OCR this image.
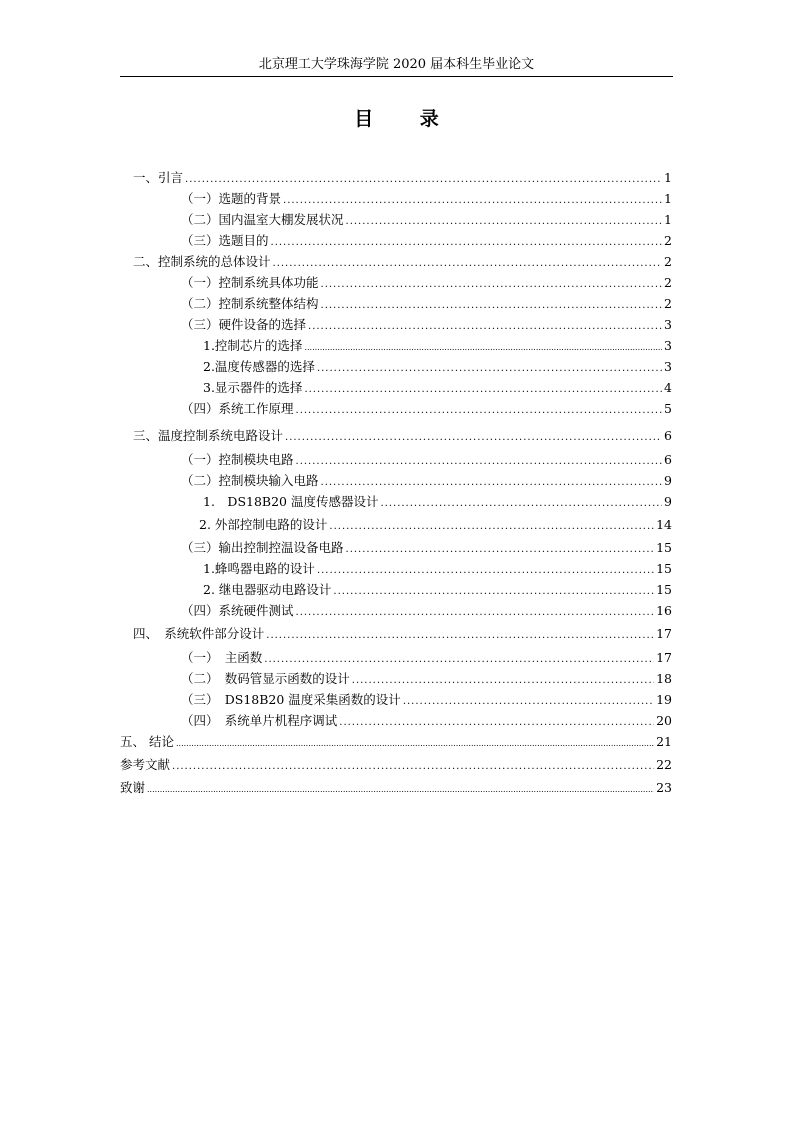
北京理工大学珠海学院 2020 届本科生毕业论文
目 录
一、引言 .....	1
（一）选题的背景 .....	1
（二）国内温室大棚发展状况 .....	1
（三）选题目的 .....	2
二、控制系统的总体设计 .....	2
（一）控制系统具体功能 .....	2
（二）控制系统整体结构 .....	2
（三）硬件设备的选择 .....	3
1.控制芯片的选择 .....	3
2.温度传感器的选择 .....	3
3.显示器件的选择 .....	4
（四）系统工作原理 .....	5
三、温度控制系统电路设计 .....	6
（一）控制模块电路 .....	6
（二）控制模块输入电路 .....	9
1.　DS18B20 温度传感器设计 .....	9
2. 外部控制电路的设计 .....	14
（三）输出控制控温设备电路 .....	15
1.蜂鸣器电路的设计 .....	15
2. 继电器驱动电路设计 .....	15
（四）系统硬件测试 .....	16
四、　系统软件部分设计 .....	17
（一）　主函数 .....	17
（二）　数码管显示函数的设计 .....	18
（三）　DS18B20 温度采集函数的设计 .....	19
（四）　系统单片机程序调试 .....	20
五、 结论 .....	21
参考文献 .....	22
致谢 .....	23
